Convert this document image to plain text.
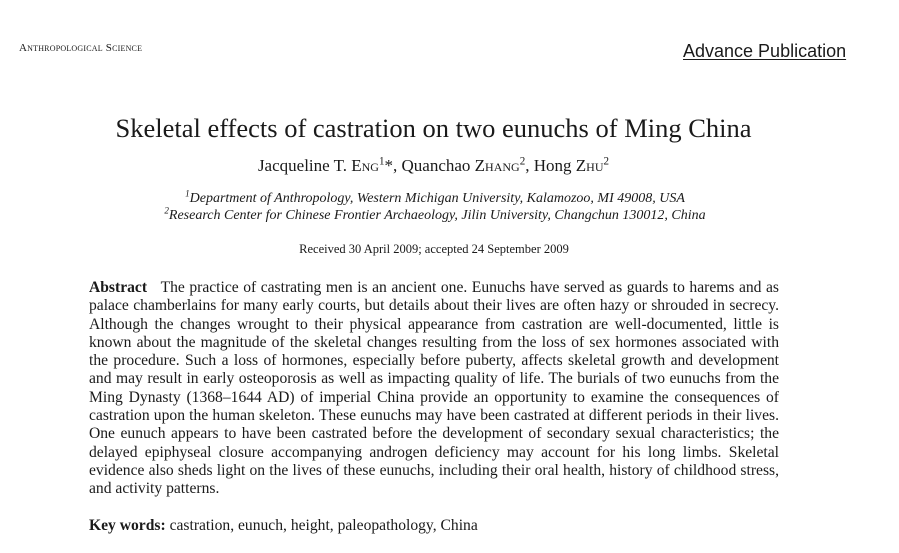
Anthropological Science	Advance Publication
Skeletal effects of castration on two eunuchs of Ming China
Jacqueline T. Eng$^1$*, Quanchao Zhang$^2$, Hong Zhu$^2$
$^1$Department of Anthropology, Western Michigan University, Kalamozoo, MI 49008, USA
$^2$Research Center for Chinese Frontier Archaeology, Jilin University, Changchun 130012, China
Received 30 April 2009; accepted 24 September 2009
Abstract The practice of castrating men is an ancient one. Eunuchs have served as guards to harems and as palace chamberlains for many early courts, but details about their lives are often hazy or shrouded in secrecy. Although the changes wrought to their physical appearance from castration are well-documented, little is known about the magnitude of the skeletal changes resulting from the loss of sex hormones associated with the procedure. Such a loss of hormones, especially before puberty, affects skeletal growth and development and may result in early osteoporosis as well as impacting quality of life. The burials of two eunuchs from the Ming Dynasty (1368–1644 AD) of imperial China provide an opportunity to examine the consequences of castration upon the human skeleton. These eunuchs may have been castrated at different periods in their lives. One eunuch appears to have been castrated before the development of secondary sexual characteristics; the delayed epiphyseal closure accompanying androgen deficiency may account for his long limbs. Skeletal evidence also sheds light on the lives of these eunuchs, including their oral health, history of childhood stress, and activity patterns.
Key words: castration, eunuch, height, paleopathology, China
